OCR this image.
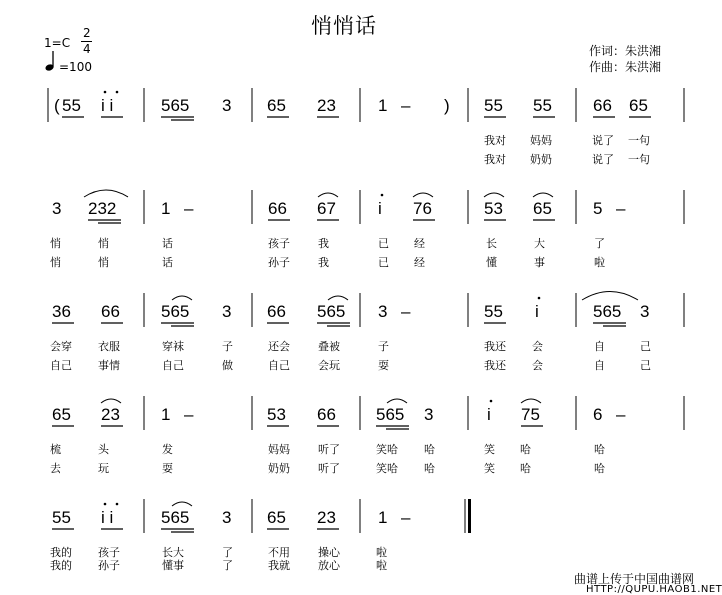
悄悄话
1=C
2
4
=100
作词：朱洪湘
作曲：朱洪湘
(	)
55 i i	565 3 65 23 1 –	55 55 66 65
我对 妈妈	说了 一句
我对 奶奶	说了 一句
3 232	1 –	66 67 i 76	53 65 5 –
悄	悄	话	孩子	我	已 经	长	大	了
悄	悄	话	孙子	我	已 经	懂	事	啦
36 66 565 3 66 565 3 –	55 i	565 3
会穿 衣服	穿袜	子	还会	叠被	子	我还 会	自	己
自己 事情	自己	做	自己	会玩	耍	我还 会	自	己
65 23 1 –	53 66 565 3	i 75	6 –
梳	头	发	妈妈	听了	笑哈 哈	笑 哈	哈
去	玩	耍	奶奶	听了	笑哈 哈	笑 哈	哈
55 i i	565 3 65 23 1 –
我的 孩子	长大	了	不用	操心	啦
我的 孙子	懂事	了	我就	放心	啦
曲谱上传于中国曲谱网
HTTP://QUPU.HAOB1.NET
